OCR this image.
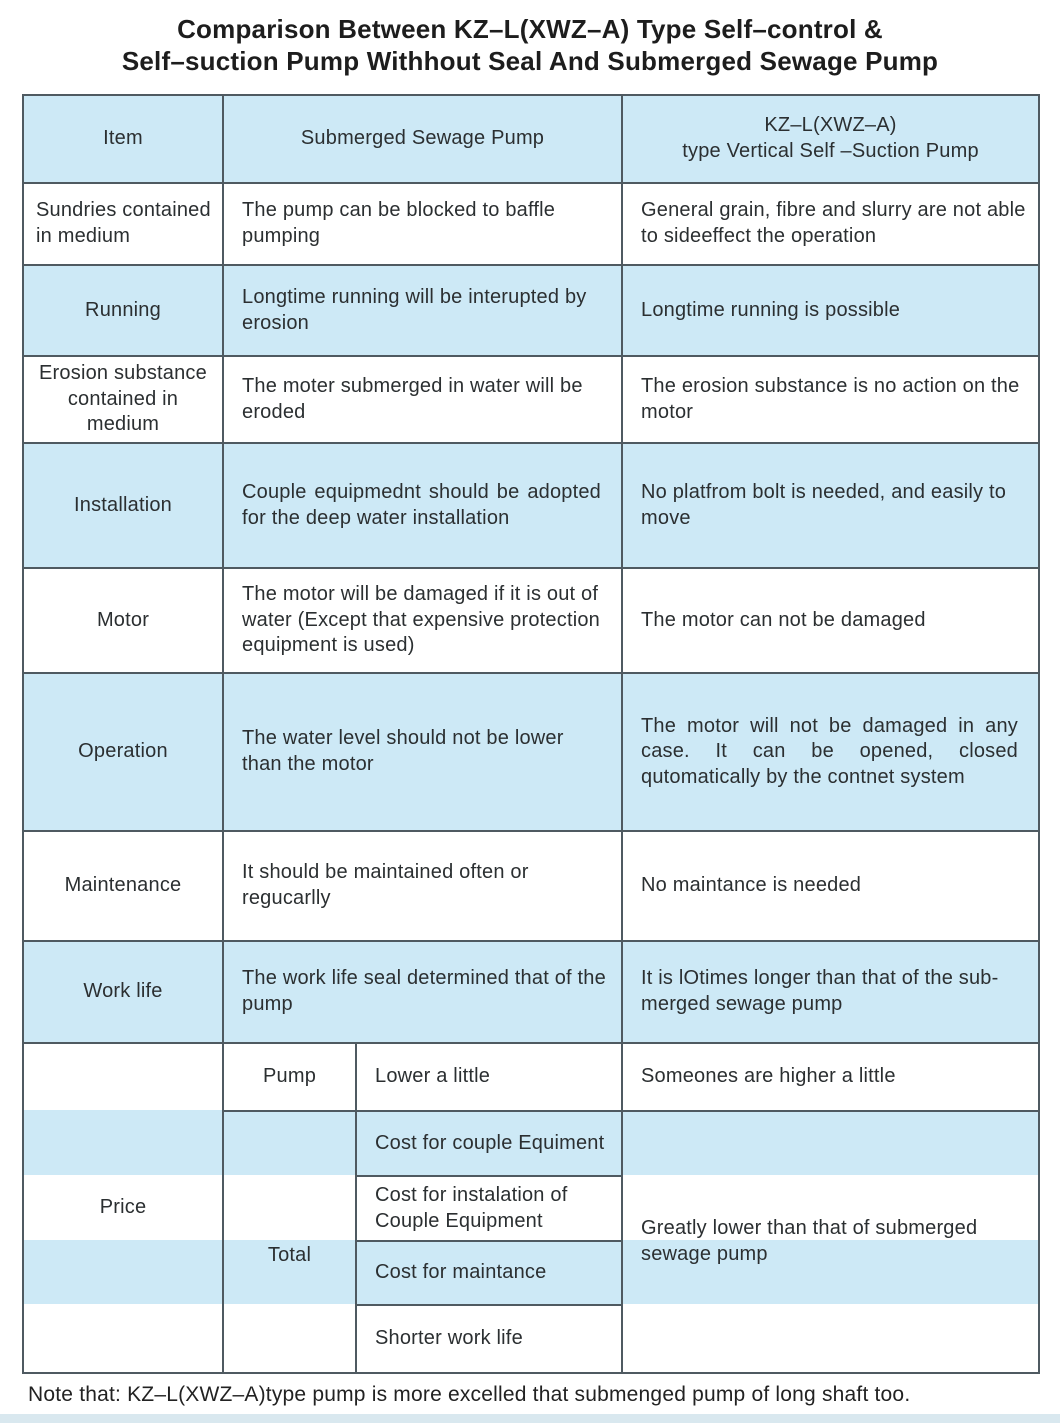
Comparison Between KZ–L(XWZ–A) Type Self–control &
Self–suction Pump Withhout Seal And Submerged Sewage Pump
Item	Submerged Sewage Pump		KZ–L(XWZ–A)
type Vertical Self –Suction Pump

Sundries contained in medium	The pump can be blocked to baffle pumping		General grain, fibre and slurry are not able to sideeffect the operation
Running	Longtime running will be interupted by erosion		Longtime running is possible
Erosion substance contained in medium	The moter submerged in water will be eroded		The erosion substance is no action on the motor
Installation	Couple equipmednt should be adopted for the deep water installation		No platfrom bolt is needed, and easily to move
Motor	The motor will be damaged if it is out of water (Except that expensive protection equipment is used)		The motor can not be damaged
Operation	The water level should not be lower than the motor		The motor will not be damaged in any case. It can be opened, closed qutomatically by the contnet system
Maintenance	It should be maintained often or regucarlly		No maintance is needed
Work life	The work life seal determined that of the pump		It is lOtimes longer than that of the sub-merged sewage pump
Price	Pump	Lower a little	Someones are higher a little
	Total	Cost for couple Equiment	Greatly lower than that of submerged sewage pump
		Cost for instalation of Couple Equipment	
		Cost for maintance	
		Shorter work life	
Note that: KZ–L(XWZ–A)type pump is more excelled that submenged pump of long shaft too.
